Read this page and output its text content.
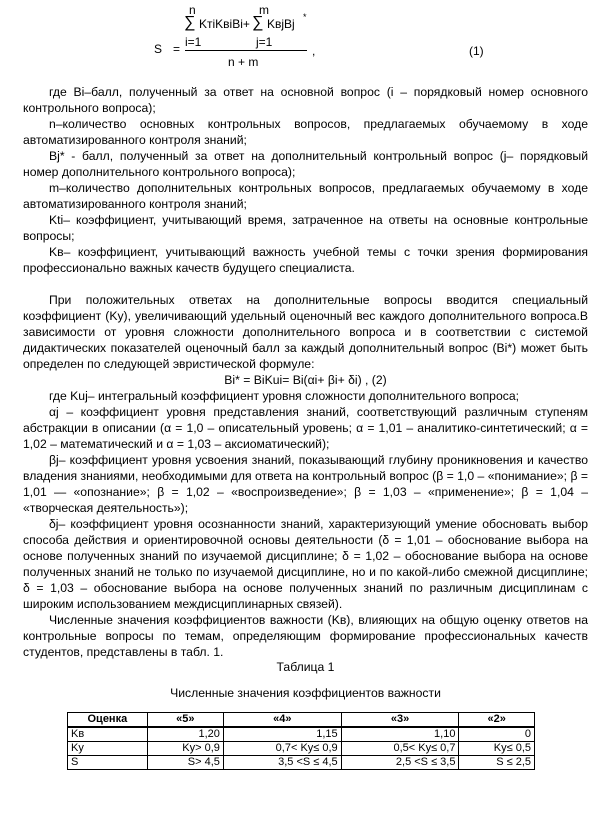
n	m
∑ KтiKвiBi+ ∑ KвjBj *
S = i=1	j=1
n + m
,	(1)

где Bi–балл, полученный за ответ на основной вопрос (i – порядковый номер основного контрольного вопроса);

n–количество основных контрольных вопросов, предлагаемых обучаемому в ходе автоматизированного контроля знаний;

Bj* - балл, полученный за ответ на дополнительный контрольный вопрос (j– порядковый номер дополнительного контрольного вопроса);

m–количество дополнительных контрольных вопросов, предлагаемых обучаемому в ходе автоматизированного контроля знаний;

Kti– коэффициент, учитывающий время, затраченное на ответы на основные контрольные вопросы;

Kв– коэффициент, учитывающий важность учебной темы с точки зрения формирования профессионально важных качеств будущего специалиста.

При положительных ответах на дополнительные вопросы вводится специальный коэффициент (Kу), увеличивающий удельный оценочный вес каждого дополнительного вопроса.В зависимости от уровня сложности дополнительного вопроса и в соответствии с системой дидактических показателей оценочный балл за каждый дополнительный вопрос (Bi*) может быть определен по следующей эвристической формуле:

Bi* = BiKui= Bi(αi+ βi+ δi) , (2)

где Kuj– интегральный коэффициент уровня сложности дополнительного вопроса;

αj – коэффициент уровня представления знаний, соответствующий различным ступеням абстракции в описании (α = 1,0 – описательный уровень; α = 1,01 – аналитико-синтетический; α = 1,02 – математический и α = 1,03 – аксиоматический);

βj– коэффициент уровня усвоения знаний, показывающий глубину проникновения и качество владения знаниями, необходимыми для ответа на контрольный вопрос (β = 1,0 – «понимание»; β = 1,01 — «опознание»; β = 1,02 – «воспроизведение»; β = 1,03 – «применение»; β = 1,04 – «творческая деятельность»);

δj– коэффициент уровня осознанности знаний, характеризующий умение обосновать выбор способа действия и ориентировочной основы деятельности (δ = 1,01 – обоснование выбора на основе полученных знаний по изучаемой дисциплине; δ = 1,02 – обоснование выбора на основе полученных знаний не только по изучаемой дисциплине, но и по какой-либо смежной дисциплине; δ = 1,03 – обоснование выбора на основе полученных знаний по различным дисциплинам с широким использованием междисциплинарных связей).

Численные значения коэффициентов важности (Kв), влияющих на общую оценку ответов на контрольные вопросы по темам, определяющим формирование профессиональных качеств студентов, представлены в табл. 1.

Таблица 1

Численные значения коэффициентов важности

Оценка	«5»	«4»	«3»	«2»
Kв	1,20	1,15	1,10	0
Kу	Kу> 0,9	0,7< Kу≤ 0,9	0,5< Kу≤ 0,7	Kу≤ 0,5
S	S> 4,5	3,5 <S ≤ 4,5	2,5 <S ≤ 3,5	S ≤ 2,5
